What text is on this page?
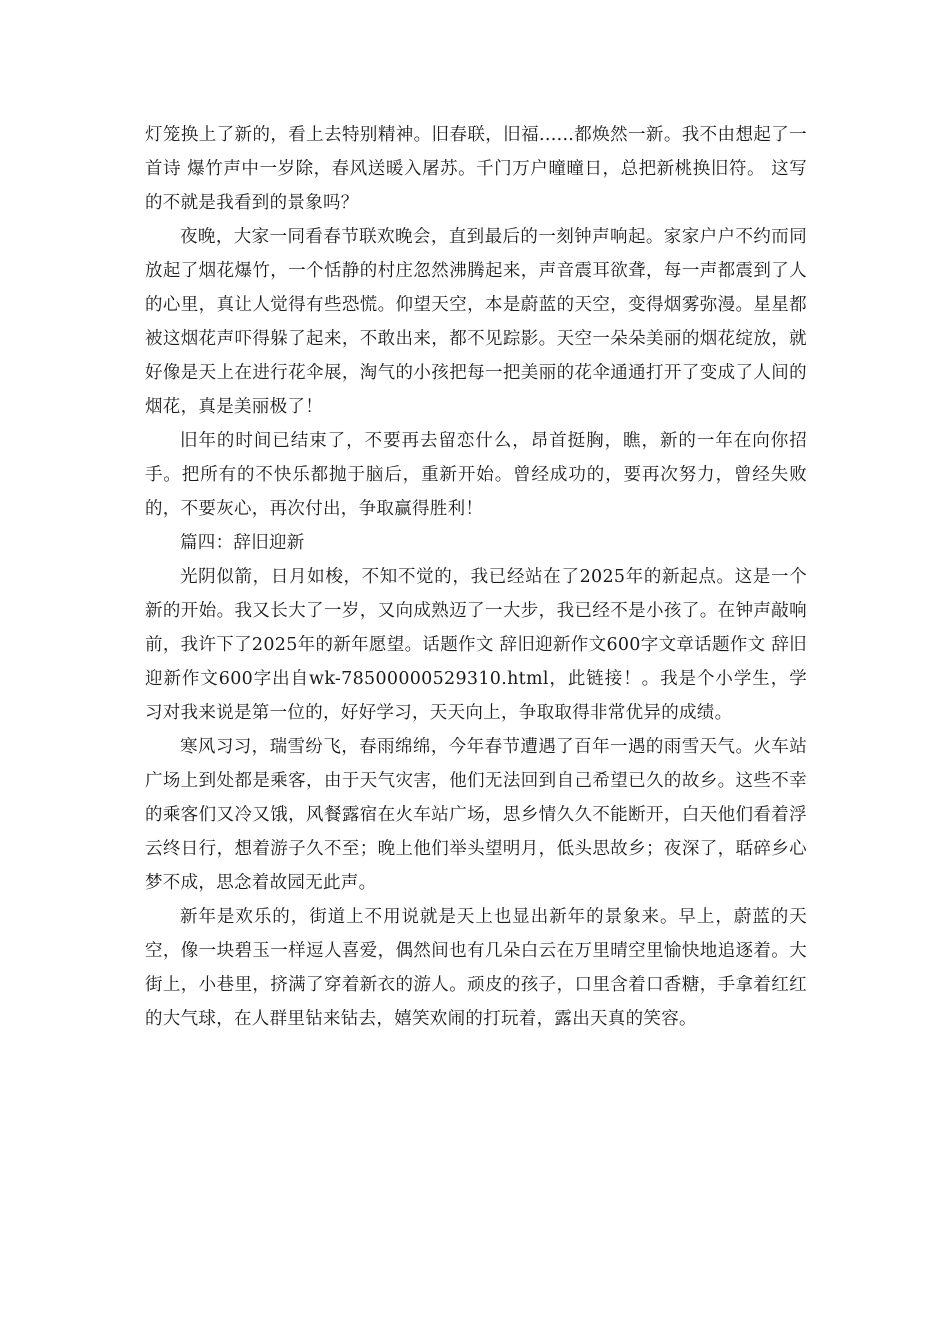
灯笼换上了新的，看上去特别精神。旧春联，旧福......都焕然一新。我不由想起了一首诗 爆竹声中一岁除，春风送暖入屠苏。千门万户曈曈日，总把新桃换旧符。 这写的不就是我看到的景象吗？

夜晚，大家一同看春节联欢晚会，直到最后的一刻钟声响起。家家户户不约而同放起了烟花爆竹，一个恬静的村庄忽然沸腾起来，声音震耳欲聋，每一声都震到了人的心里，真让人觉得有些恐慌。仰望天空，本是蔚蓝的天空，变得烟雾弥漫。星星都被这烟花声吓得躲了起来，不敢出来，都不见踪影。天空一朵朵美丽的烟花绽放，就好像是天上在进行花伞展，淘气的小孩把每一把美丽的花伞通通打开了变成了人间的烟花，真是美丽极了！

旧年的时间已结束了，不要再去留恋什么，昂首挺胸，瞧，新的一年在向你招手。把所有的不快乐都抛于脑后，重新开始。曾经成功的，要再次努力，曾经失败的，不要灰心，再次付出，争取赢得胜利！

篇四：辞旧迎新

光阴似箭，日月如梭，不知不觉的，我已经站在了2025年的新起点。这是一个新的开始。我又长大了一岁，又向成熟迈了一大步，我已经不是小孩了。在钟声敲响前，我许下了2025年的新年愿望。话题作文 辞旧迎新作文600字文章话题作文 辞旧迎新作文600字出自wk-78500000529310.html，此链接！。我是个小学生，学习对我来说是第一位的，好好学习，天天向上，争取取得非常优异的成绩。

寒风习习，瑞雪纷飞，春雨绵绵，今年春节遭遇了百年一遇的雨雪天气。火车站广场上到处都是乘客，由于天气灾害，他们无法回到自己希望已久的故乡。这些不幸的乘客们又冷又饿，风餐露宿在火车站广场，思乡情久久不能断开，白天他们看着浮云终日行，想着游子久不至；晚上他们举头望明月，低头思故乡；夜深了，聒碎乡心梦不成，思念着故园无此声。

新年是欢乐的，街道上不用说就是天上也显出新年的景象来。早上，蔚蓝的天空，像一块碧玉一样逗人喜爱，偶然间也有几朵白云在万里晴空里愉快地追逐着。大街上，小巷里，挤满了穿着新衣的游人。顽皮的孩子，口里含着口香糖，手拿着红红的大气球，在人群里钻来钻去，嬉笑欢闹的打玩着，露出天真的笑容。
